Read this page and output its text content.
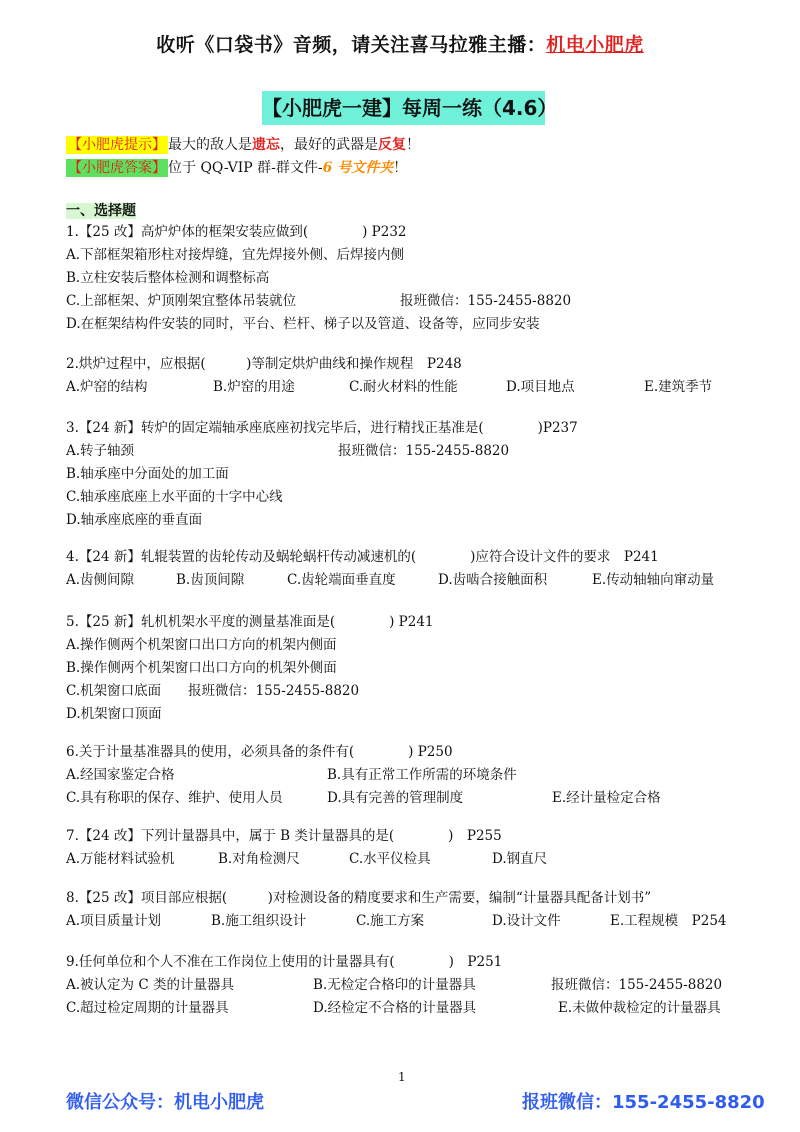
收听《口袋书》音频，请关注喜马拉雅主播：机电小肥虎
【小肥虎一建】每周一练（4.6）
【小肥虎提示】 最大的敌人是遗忘，最好的武器是反复！
【小肥虎答案】 位于 QQ-VIP 群-群文件-6 号文件夹！
一、选择题
1.【25 改】高炉炉体的框架安装应做到(　　　　) P232
A.下部框架箱形柱对接焊缝，宜先焊接外侧、后焊接内侧
B.立柱安装后整体检测和调整标高
C.上部框架、炉顶刚架宜整体吊装就位	报班微信：155-2455-8820
D.在框架结构件安装的同时，平台、栏杆、梯子以及管道、设备等，应同步安装
2.烘炉过程中，应根据(　　　)等制定烘炉曲线和操作规程　P248
A.炉窑的结构	B.炉窑的用途	C.耐火材料的性能	D.项目地点	E.建筑季节
3.【24 新】转炉的固定端轴承座底座初找完毕后，进行精找正基准是(　　　　)P237
A.转子轴颈	报班微信：155-2455-8820
B.轴承座中分面处的加工面
C.轴承座底座上水平面的十字中心线
D.轴承座底座的垂直面
4.【24 新】轧辊装置的齿轮传动及蜗轮蜗杆传动减速机的(　　　　)应符合设计文件的要求　P241
A.齿侧间隙	B.齿顶间隙	C.齿轮端面垂直度	D.齿啮合接触面积	E.传动轴轴向窜动量
5.【25 新】轧机机架水平度的测量基准面是(　　　　) P241
A.操作侧两个机架窗口出口方向的机架内侧面
B.操作侧两个机架窗口出口方向的机架外侧面
C.机架窗口底面 报班微信：155-2455-8820
D.机架窗口顶面
6.关于计量基准器具的使用，必须具备的条件有(　　　　) P250
A.经国家鉴定合格	B.具有正常工作所需的环境条件
C.具有称职的保存、维护、使用人员	D.具有完善的管理制度	E.经计量检定合格
7.【24 改】下列计量器具中，属于 B 类计量器具的是(　　　　)　P255
A.万能材料试验机	B.对角检测尺	C.水平仪检具	D.钢直尺
8.【25 改】项目部应根据(　　　)对检测设备的精度要求和生产需要，编制“计量器具配备计划书”
A.项目质量计划	B.施工组织设计	C.施工方案	D.设计文件	E.工程规模　P254
9.任何单位和个人不准在工作岗位上使用的计量器具有(　　　　)　P251
A.被认定为 C 类的计量器具	B.无检定合格印的计量器具	报班微信：155-2455-8820
C.超过检定周期的计量器具	D.经检定不合格的计量器具	E.未做仲裁检定的计量器具
1
微信公众号：机电小肥虎	报班微信：155-2455-8820
